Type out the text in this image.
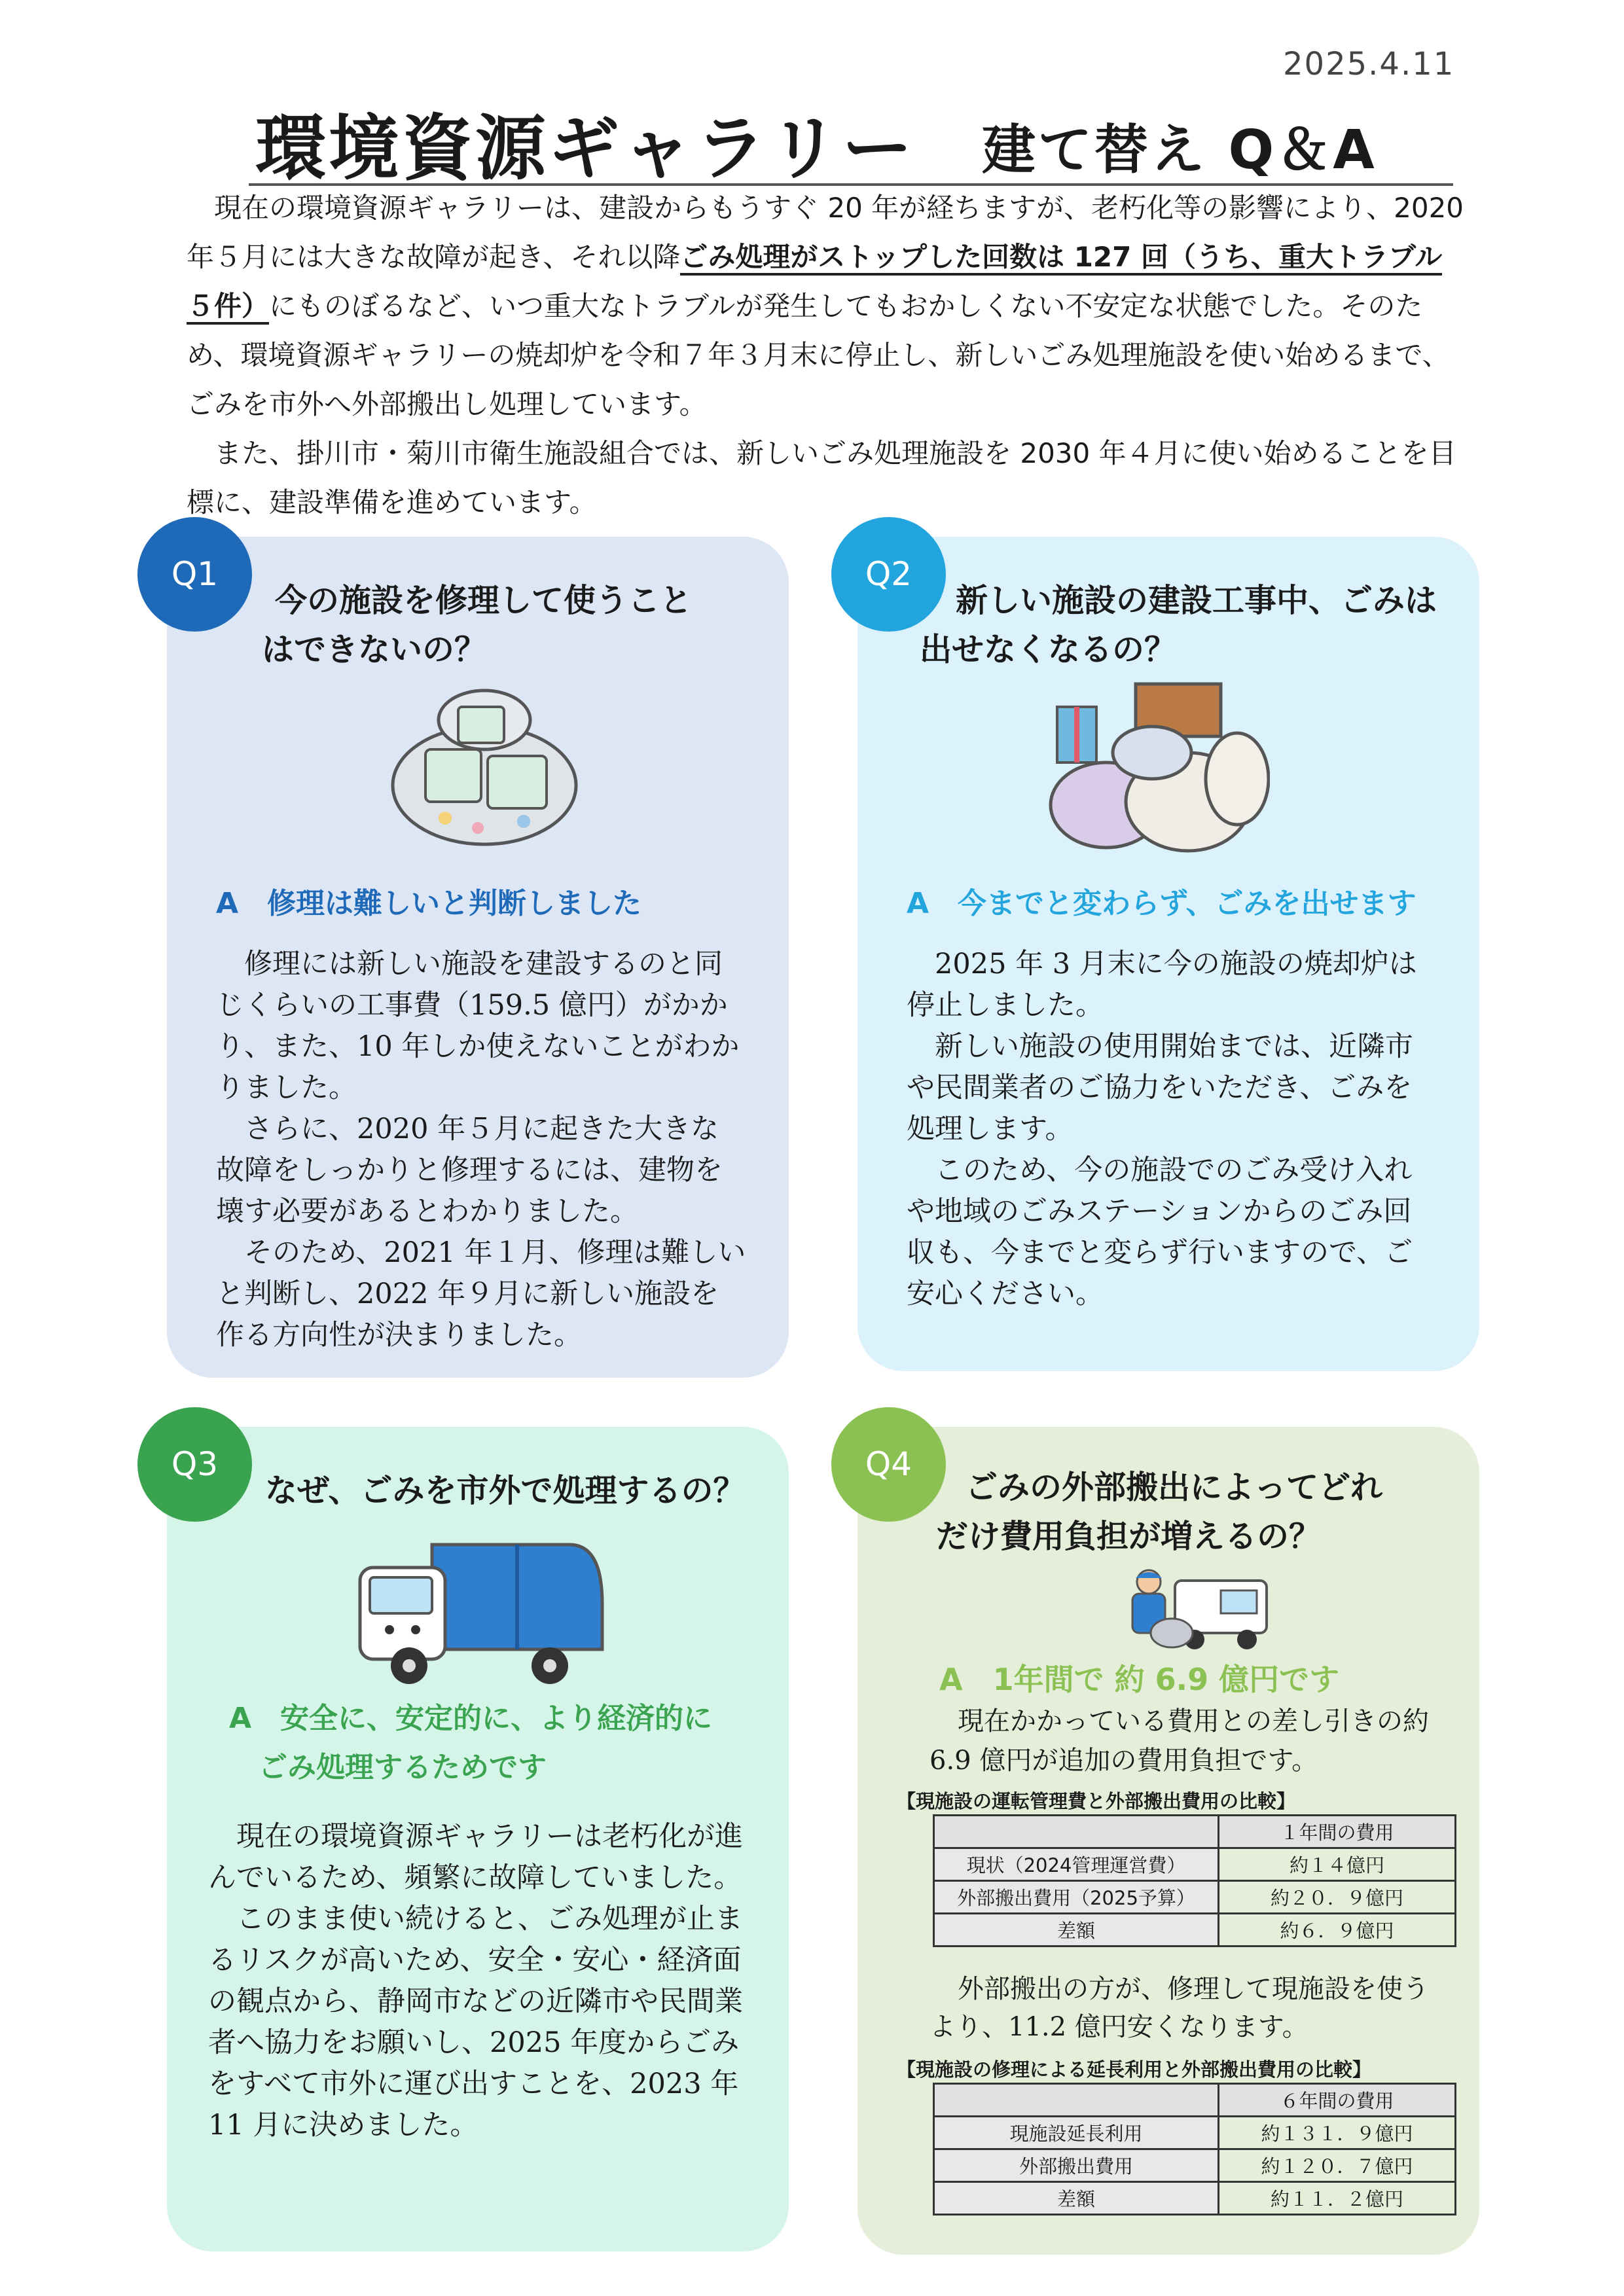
2025.4.11
環境資源ギャラリー 建て替え Q＆A

現在の環境資源ギャラリーは、建設からもうすぐ 20 年が経ちますが、老朽化等の影響により、2020 年５月には大きな故障が起き、それ以降ごみ処理がストップした回数は 127 回（うち、重大トラブル５件）にものぼるなど、いつ重大なトラブルが発生してもおかしくない不安定な状態でした。そのため、環境資源ギャラリーの焼却炉を令和７年３月末に停止し、新しいごみ処理施設を使い始めるまで、ごみを市外へ外部搬出し処理しています。

また、掛川市・菊川市衛生施設組合では、新しいごみ処理施設を 2030 年４月に使い始めることを目標に、建設準備を進めています。

Q1	Q2
Q3	Q4
今の施設を修理して使うこと
はできないの？
A　修理は難しいと判断しました

修理には新しい施設を建設するのと同じくらいの工事費（159.5 億円）がかかり、また、10 年しか使えないことがわかりました。

さらに、2020 年５月に起きた大きな故障をしっかりと修理するには、建物を壊す必要があるとわかりました。

そのため、2021 年１月、修理は難しいと判断し、2022 年９月に新しい施設を作る方向性が決まりました。

新しい施設の建設工事中、ごみは
出せなくなるの？
A　今までと変わらず、ごみを出せます

2025 年 3 月末に今の施設の焼却炉は停止しました。

新しい施設の使用開始までは、近隣市や民間業者のご協力をいただき、ごみを処理します。

このため、今の施設でのごみ受け入れや地域のごみステーションからのごみ回収も、今までと変らず行いますので、ご安心ください。

なぜ、ごみを市外で処理するの？
A　安全に、安定的に、より経済的に
ごみ処理するためです

現在の環境資源ギャラリーは老朽化が進んでいるため、頻繁に故障していました。

このまま使い続けると、ごみ処理が止まるリスクが高いため、安全・安心・経済面の観点から、静岡市などの近隣市や民間業者へ協力をお願いし、2025 年度からごみをすべて市外に運び出すことを、2023 年 11 月に決めました。

ごみの外部搬出によってどれ
だけ費用負担が増えるの？
A　1年間で 約 6.9 億円です

現在かかっている費用との差し引きの約 6.9 億円が追加の費用負担です。

【現施設の運転管理費と外部搬出費用の比較】
	１年間の費用
現状（2024管理運営費）	約１４億円
外部搬出費用（2025予算）	約２０．９億円
差額	約６．９億円

外部搬出の方が、修理して現施設を使うより、11.2 億円安くなります。

【現施設の修理による延長利用と外部搬出費用の比較】
	６年間の費用
現施設延長利用	約１３１．９億円
外部搬出費用	約１２０．７億円
差額	約１１．２億円
